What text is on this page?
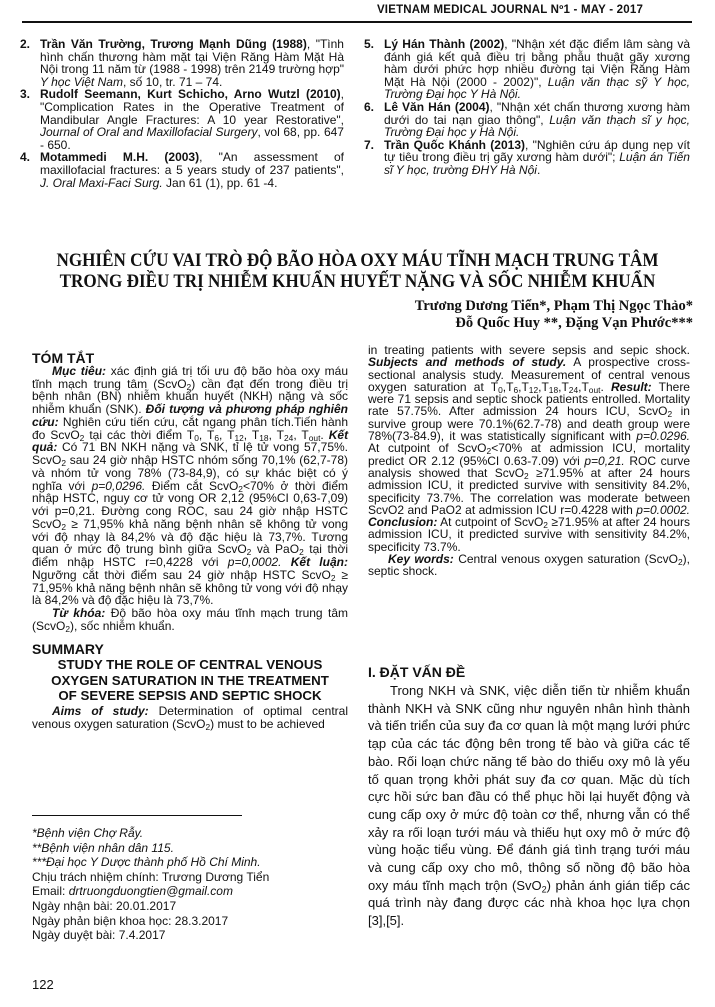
VIETNAM MEDICAL JOURNAL Nº1 - MAY - 2017
2. Trần Văn Trường, Trương Mạnh Dũng (1988), "Tình hình chấn thương hàm mặt tại Viện Răng Hàm Mặt Hà Nội trong 11 năm từ (1988 - 1998) trên 2149 trường hợp" Y học Việt Nam, số 10, tr. 71 – 74.
3. Rudolf Seemann, Kurt Schicho, Arno Wutzl (2010), "Complication Rates in the Operative Treatment of Mandibular Angle Fractures: A 10 year Restorative", Journal of Oral and Maxillofacial Surgery, vol 68, pp. 647 - 650.
4. Motammedi M.H. (2003), "An assessment of maxillofacial fractures: a 5 years study of 237 patients", J. Oral Maxi-Faci Surg. Jan 61 (1), pp. 61 -4.
5. Lý Hán Thành (2002), "Nhận xét đặc điểm lâm sàng và đánh giá kết quả điều trị bằng phẫu thuật gãy xương hàm dưới phức hợp nhiều đường tại Viện Răng Hàm Mặt Hà Nội (2000 - 2002)", Luận văn thạc sỹ Y học, Trường Đại học Y Hà Nội.
6. Lê Văn Hán (2004), "Nhận xét chấn thương xương hàm dưới do tai nạn giao thông", Luận văn thạch sĩ y học, Trường Đại học y Hà Nội.
7. Trần Quốc Khánh (2013), "Nghiên cứu áp dụng nẹp vít tự tiêu trong điều trị gãy xương hàm dưới"; Luận án Tiến sĩ Y học, trường ĐHY Hà Nội.
NGHIÊN CỨU VAI TRÒ ĐỘ BÃO HÒA OXY MÁU TĨNH MẠCH TRUNG TÂM
TRONG ĐIỀU TRỊ NHIỄM KHUẨN HUYẾT NẶNG VÀ SỐC NHIỄM KHUẨN
Trương Dương Tiển*, Phạm Thị Ngọc Thảo*
Đỗ Quốc Huy **, Đặng Vạn Phước***

TÓM TẮT

Mục tiêu: xác định giá trị tối ưu độ bão hòa oxy máu tĩnh mạch trung tâm (ScvO$_2$) cần đạt đến trong điều trị bệnh nhân (BN) nhiễm khuẩn huyết (NKH) nặng và sốc nhiễm khuẩn (SNK). Đối tượng và phương pháp nghiên cứu: Nghiên cứu tiến cứu, cắt ngang phân tích.Tiến hành đo ScvO$_2$ tại các thời điểm $T_0$, $T_6$, $T_{12}$, $T_{18}$, $T_{24}$, $T_{out}$. Kết quả: Có 71 BN NKH nặng và SNK, tỉ lệ tử vong 57,75%. ScvO$_2$ sau 24 giờ nhập HSTC nhóm sống 70,1% (62,7-78) và nhóm tử vong 78% (73-84,9), có sự khác biệt có ý nghĩa với p=0,0296. Điểm cắt ScvO$_2$<70% ở thời điểm nhập HSTC, nguy cơ tử vong OR 2,12 (95%CI 0,63-7,09) với p=0,21. Đường cong ROC, sau 24 giờ nhập HSTC ScvO$_2$ ≥ 71,95% khả năng bệnh nhân sẽ không tử vong với độ nhạy là 84,2% và độ đặc hiệu là 73,7%. Tương quan ở mức độ trung bình giữa ScvO$_2$ và PaO$_2$ tại thời điểm nhập HSTC r=0,4228 với p=0,0002. Kết luận: Ngưỡng cắt thời điểm sau 24 giờ nhập HSTC ScvO$_2$ ≥ 71,95% khả năng bệnh nhân sẽ không tử vong với độ nhạy là 84,2% và độ đặc hiệu là 73,7%.

Từ khóa: Độ bão hòa oxy máu tĩnh mạch trung tâm (ScvO$_2$), sốc nhiễm khuẩn.

SUMMARY

STUDY THE ROLE OF CENTRAL VENOUS
OXYGEN SATURATION IN THE TREATMENT
OF SEVERE SEPSIS AND SEPTIC SHOCK

Aims of study: Determination of optimal central venous oxygen saturation (ScvO$_2$) must to be achieved

*Bệnh viện Chợ Rẫy.
**Bệnh viện nhân dân 115.
***Đại học Y Dược thành phố Hồ Chí Minh.
Chịu trách nhiệm chính: Trương Dương Tiển
Email: drtruongduongtien@gmail.com
Ngày nhận bài: 20.01.2017
Ngày phản biện khoa học: 28.3.2017
Ngày duyệt bài: 7.4.2017
122

in treating patients with severe sepsis and sepic shock. Subjects and methods of study. A prospective cross-sectional analysis study. Measurement of central venous oxygen saturation at $T_0,T_6,T_{12},T_{18},T_{24},T_{out}$. Result: There were 71 sepsis and septic shock patients entrolled. Mortality rate 57.75%. After admission 24 hours ICU, ScvO$_2$ in survive group were 70.1%(62.7-78) and death group were 78%(73-84.9), it was statistically significant with p=0.0296. At cutpoint of ScvO$_2$<70% at admission ICU, mortality predict OR 2.12 (95%CI 0.63-7.09) với p=0,21. ROC curve analysis showed that ScvO$_2$ ≥71.95% at after 24 hours admission ICU, it predicted survive with sensitivity 84.2%, specificity 73.7%. The correlation was moderate between ScvO2 and PaO2 at admission ICU r=0.4228 with p=0.0002. Conclusion: At cutpoint of ScvO$_2$ ≥71.95% at after 24 hours admission ICU, it predicted survive with sensitivity 84.2%, specificity 73.7%.

Key words: Central venous oxygen saturation (ScvO$_2$), septic shock.

I. ĐẶT VẤN ĐỀ

Trong NKH và SNK, việc diễn tiến từ nhiễm khuẩn thành NKH và SNK cũng như nguyên nhân hình thành và tiến triển của suy đa cơ quan là một mạng lưới phức tạp của các tác động bên trong tế bào và giữa các tế bào. Rối loạn chức năng tế bào do thiếu oxy mô là yếu tố quan trọng khởi phát suy đa cơ quan. Mặc dù tích cực hồi sức ban đầu có thể phục hồi lại huyết động và cung cấp oxy ở mức độ toàn cơ thể, nhưng vẫn có thể xảy ra rối loạn tưới máu và thiếu hụt oxy mô ở mức độ vùng hoặc tiểu vùng. Để đánh giá tình trạng tưới máu và cung cấp oxy cho mô, thông số nồng độ bão hòa oxy máu tĩnh mạch trộn (SvO$_2$) phản ánh gián tiếp các quá trình này đang được các nhà khoa học lựa chọn [3],[5].
